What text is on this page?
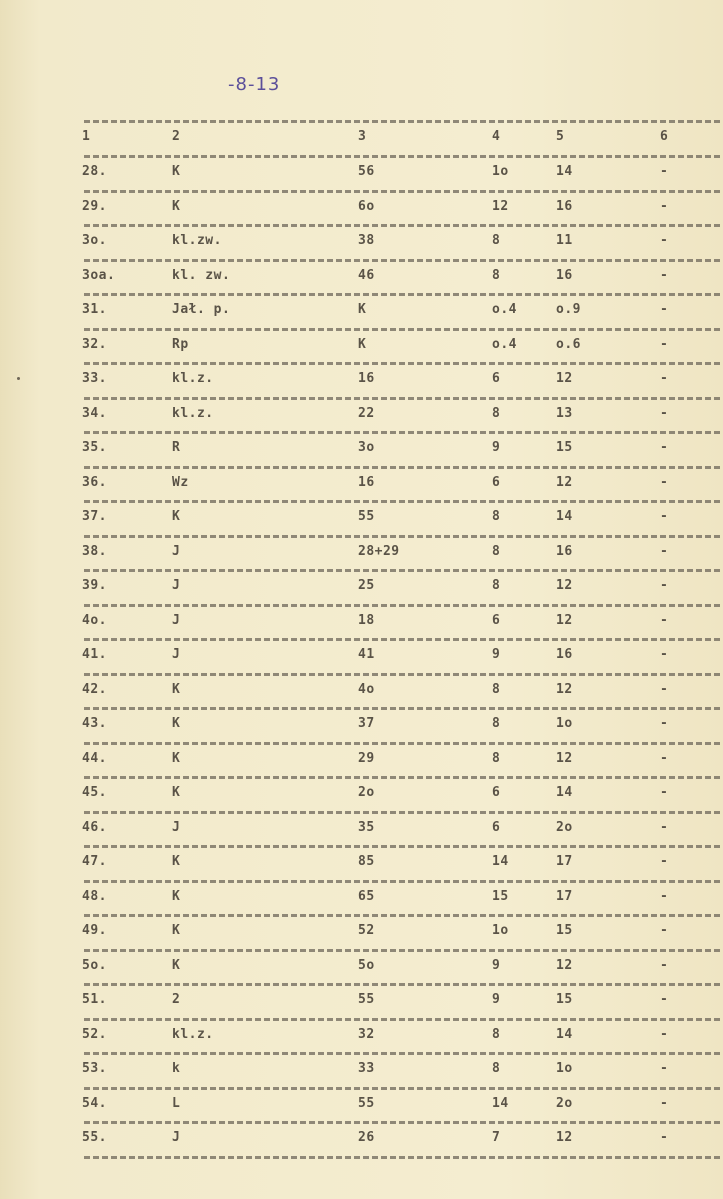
-8-13
1	2	3	4	5	6
28.	K	56	1o	14	-
29.	K	6o	12	16	-
3o.	kl.zw.	38	8	11	-
3oa.	kl. zw.	46	8	16	-
31.	Jał. p.	K	o.4	o.9	-
32.	Rp	K	o.4	o.6	-
33.	kl.z.	16	6	12	-
34.	kl.z.	22	8	13	-
35.	R	3o	9	15	-
36.	Wz	16	6	12	-
37.	K	55	8	14	-
38.	J	28+29	8	16	-
39.	J	25	8	12	-
4o.	J	18	6	12	-
41.	J	41	9	16	-
42.	K	4o	8	12	-
43.	K	37	8	1o	-
44.	K	29	8	12	-
45.	K	2o	6	14	-
46.	J	35	6	2o	-
47.	K	85	14	17	-
48.	K	65	15	17	-
49.	K	52	1o	15	-
5o.	K	5o	9	12	-
51.	2	55	9	15	-
52.	kl.z.	32	8	14	-
53.	k	33	8	1o	-
54.	L	55	14	2o	-
55.	J	26	7	12	-
